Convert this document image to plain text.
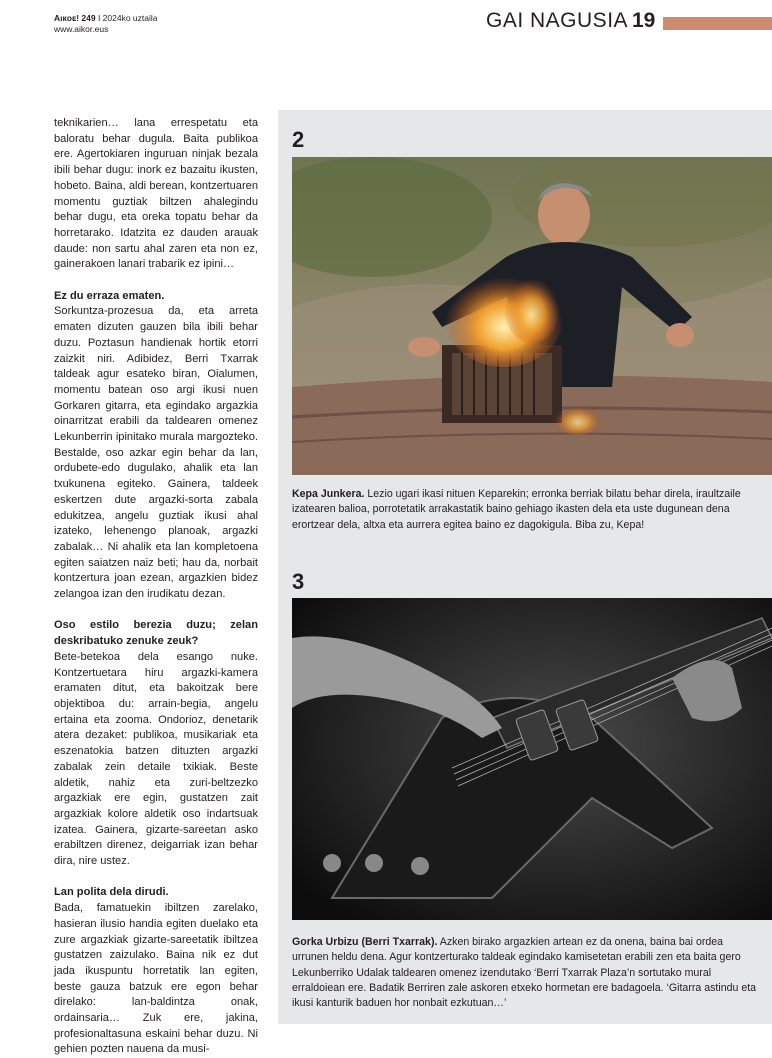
Aıкoᴇ! 249 I 2024ko uztaila
www.aikor.eus	GAI NAGUSIA 19

teknikarien… lana errespetatu eta baloratu behar dugula. Baita publikoa ere. Agertokiaren inguruan ninjak bezala ibili behar dugu: inork ez bazaitu ikusten, hobeto. Baina, aldi berean, kontzertuaren momentu guztiak biltzen ahalegindu behar dugu, eta oreka topatu behar da horretarako. Idatzita ez dauden arauak daude: non sartu ahal zaren eta non ez, gainerakoen lanari trabarik ez ipini…

Ez du erraza ematen.

Sorkuntza-prozesua da, eta arreta ematen dizuten gauzen bila ibili behar duzu. Poztasun handienak hortik etorri zaizkit niri. Adibidez, Berri Txarrak taldeak agur esateko biran, Oialumen, momentu batean oso argi ikusi nuen Gorkaren gitarra, eta egindako argazkia oinarritzat erabili da taldearen omenez Lekunberrin ipinitako murala margozteko. Bestalde, oso azkar egin behar da lan, ordubete-edo dugulako, ahalik eta lan txukunena egiteko. Gainera, taldeek eskertzen dute argazki-sorta zabala edukitzea, angelu guztiak ikusi ahal izateko, lehenengo planoak, argazki zabalak… Ni ahalik eta lan kompletoena egiten saiatzen naiz beti; hau da, norbait kontzertura joan ezean, argazkien bidez zelangoa izan den irudikatu dezan.

Oso estilo berezia duzu; zelan deskribatuko zenuke zeuk?

Bete-betekoa dela esango nuke. Kontzertuetara hiru argazki-kamera eramaten ditut, eta bakoitzak bere objektiboa du: arrain-begia, angelu ertaina eta zooma. Ondorioz, denetarik atera dezaket: publikoa, musikariak eta eszenatokia batzen dituzten argazki zabalak zein detaile txikiak. Beste aldetik, nahiz eta zuri-beltzezko argazkiak ere egin, gustatzen zait argazkiak kolore aldetik oso indartsuak izatea. Gainera, gizarte-sareetan asko erabiltzen direnez, deigarriak izan behar dira, nire ustez.

Lan polita dela dirudi.

Bada, famatuekin ibiltzen zarelako, hasieran ilusio handia egiten duelako eta zure argazkiak gizarte-sareetatik ibiltzea gustatzen zaizulako. Baina nik ez dut jada ikuspuntu horretatik lan egiten, beste gauza batzuk ere egon behar direlako: lan-baldintza onak, ordainsaria… Zuk ere, jakina, profesionaltasuna eskaini behar duzu. Ni gehien pozten nauena da musi-

2
Kepa Junkera. Lezio ugari ikasi nituen Keparekin; erronka berriak bilatu behar direla, iraultzaile izatearen balioa, porrotetatik arrakastatik baino gehiago ikasten dela eta uste dugunean dena erortzear dela, altxa eta aurrera egitea baino ez dagokigula. Biba zu, Kepa!
3
Gorka Urbizu (Berri Txarrak). Azken birako argazkien artean ez da onena, baina bai ordea urrunen heldu dena. Agur kontzerturako taldeak egindako kamisetetan erabili zen eta baita gero Lekunberriko Udalak taldearen omenez izendutako ‘Berri Txarrak Plaza’n sortutako mural erraldoiean ere. Badatik Berriren zale askoren etxeko hormetan ere badagoela. ‘Gitarra astindu eta ikusi kanturik baduen hor nonbait ezkutuan…’
